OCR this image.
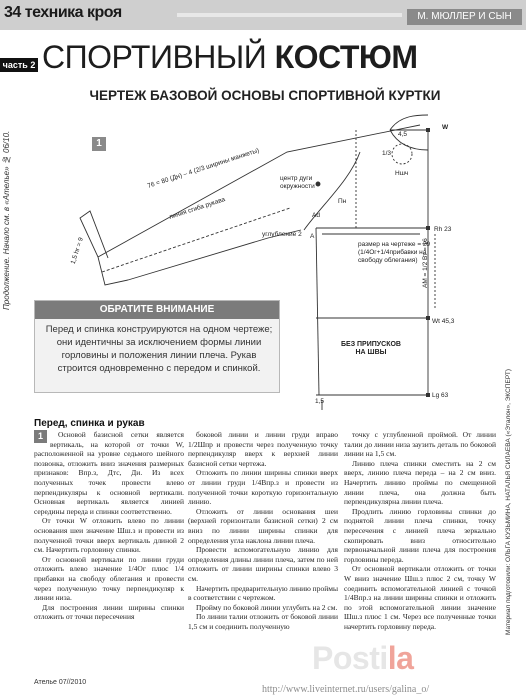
34 техника кроя	М. МЮЛЛЕР И СЫН
часть 2 СПОРТИВНЫЙ КОСТЮМ
ЧЕРТЕЖ БАЗОВОЙ ОСНОВЫ СПОРТИВНОЙ КУРТКИ
Продолжение. Начало см. в «Ателье» № 06/10.
Материал подготовили: ОЛЬГА КУЗЬМИНА, НАТАЛЬЯ СИЛАЕВА («Эталон», ЭКСПЕРТ)
1
76 = 80 (Дн) – 4 (2/3 ширины манжеты)
линия сгиба рукава
центр дуги окружности
углубление 2
размер на чертеже = 29 (1/4Ог+1/4прибавки на свободу облегания)
W
A
Ad
Пн
Rh 23
AM = 1/2 Вт = 16
Wt 45,3
Lg 63
1,5
1,5 hr = 9
4,5
Hшч
1/3
БЕЗ ПРИПУСКОВ НА ШВЫ
ОБРАТИТЕ ВНИМАНИЕ
Перед и спинка конструируются на одном чертеже; они идентичны за исключением формы линии горловины и положения линии плеча. Рукав строится одновременно с передом и спинкой.
Перед, спинка и рукав

1	Основой базисной сетки является вертикаль, на которой от точки W, расположенной на уровне седьмого шейного позвонка, отложить вниз значения размерных признаков: Впр.з, Дтс, Ди. Из всех полученных точек провести влево перпендикуляры к основной вертикали. Основная вертикаль является линией середины переда и спинки соответственно.

От точки W отложить влево по линии основания шеи значение Шш.з и провести из полученной точки вверх вертикаль длиной 2 см. Начертить горловину спинки.

От основной вертикали по линии груди отложить влево значение 1/4Ог плюс 1/4 прибавки на свободу облегания и провести через полученную точку перпендикуляр к линии низа.

Для построения линии ширины спинки отложить от точки пересечения

боковой линии и линии груди вправо 1/2Шпр и провести через полученную точку перпендикуляр вверх к верхней линии базисной сетки чертежа.

Отложить по линии ширины спинки вверх от линии груди 1/4Впр.з и провести из полученной точки короткую горизонтальную линию.

Отложить от линии основания шеи (верхней горизонтали базисной сетки) 2 см вниз по линии ширины спинки для определения угла наклона линии плеча.

Провести вспомогательную линию для определения длины линии плеча, затем по ней отложить от линии ширины спинки влево 3 см.

Начертить предварительную линию проймы в соответствии с чертежом.

Пройму по боковой линии углубить на 2 см.

По линии талии отложить от боковой линии 1,5 см и соединить полученную

точку с углубленной проймой. От линии талии до линии низа заузить деталь по боковой линии на 1,5 см.

Линию плеча спинки сместить на 2 см вверх, линию плеча переда – на 2 см вниз. Начертить линию проймы по смещенной линии плеча, она должна быть перпендикулярна линии плеча.

Продлить линию горловины спинки до поднятой линии плеча спинки, точку пересечения с линией плеча зеркально скопировать вниз относительно первоначальной линии плеча для построения горловины переда.

От основной вертикали отложить от точки W вниз значение Шш.з плюс 2 см, точку W соединить вспомогательной линией с точкой 1/4Впр.з на линии ширины спинки и отложить по этой вспомогательной линии значение Шш.з плюс 1 см. Через все полученные точки начертить горловину переда.

Ателье 07//2010
Postila
http://www.liveinternet.ru/users/galina_o/
